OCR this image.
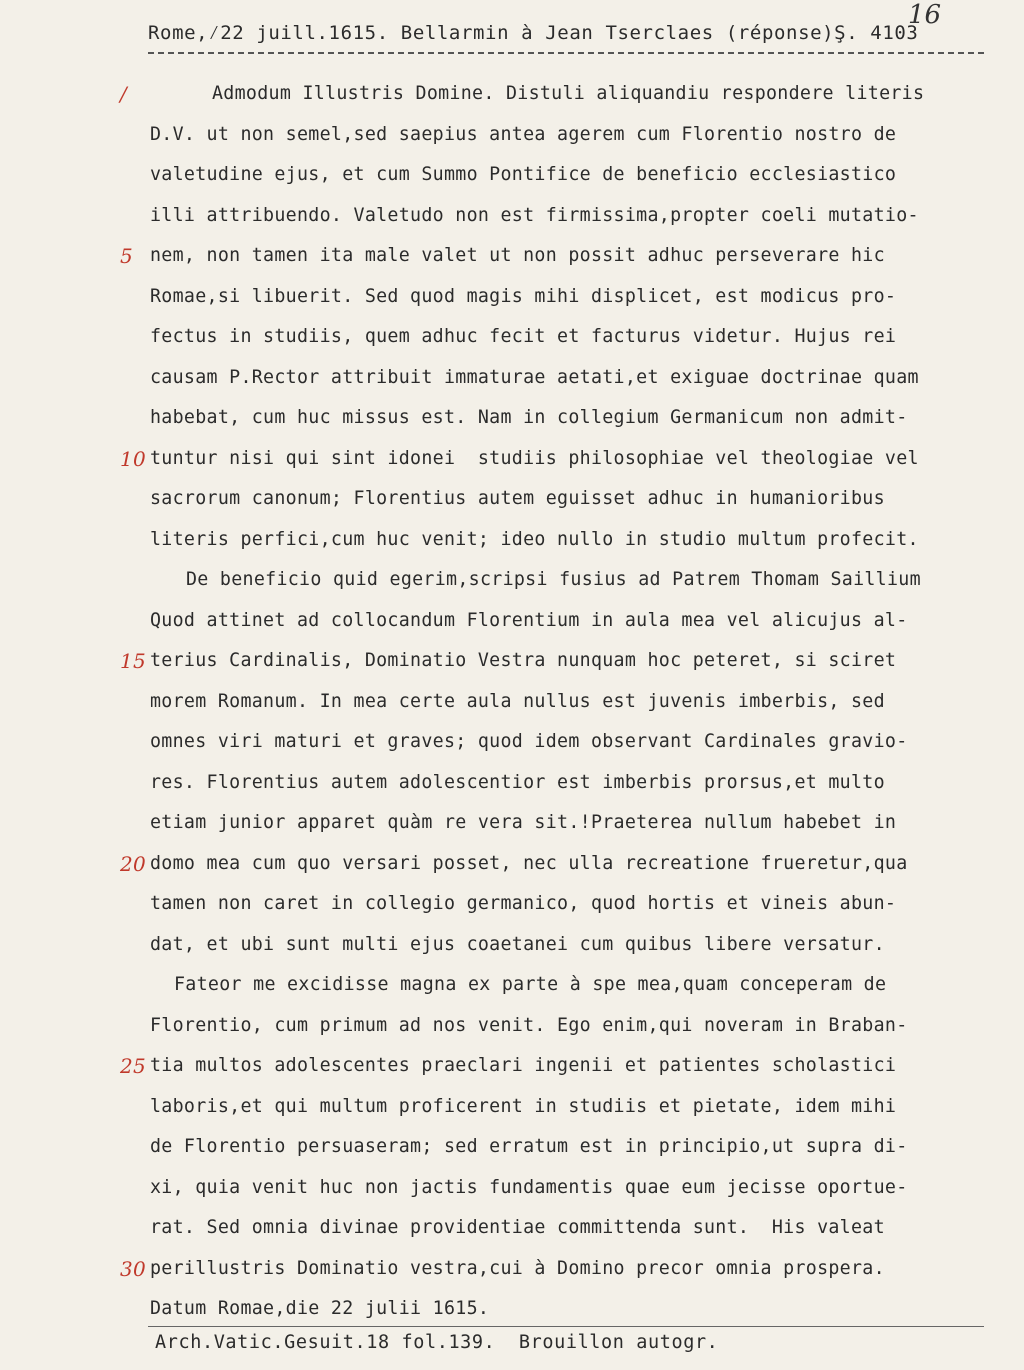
Rome,⁄22 juill.1615. Bellarmin à Jean Tserclaes (réponse)Ş. 4103
16
/	Admodum Illustris Domine. Distuli aliquandiu respondere literis
D.V. ut non semel,sed saepius antea agerem cum Florentio nostro de
valetudine ejus, et cum Summo Pontifice de beneficio ecclesiastico
illi attribuendo. Valetudo non est firmissima,propter coeli mutatio-
5 nem, non tamen ita male valet ut non possit adhuc perseverare hic
Romae,si libuerit. Sed quod magis mihi displicet, est modicus pro-
fectus in studiis, quem adhuc fecit et facturus videtur. Hujus rei
causam P.Rector attribuit immaturae aetati,et exiguae doctrinae quam
habebat, cum huc missus est. Nam in collegium Germanicum non admit-
10 tuntur nisi qui sint idonei  studiis philosophiae vel theologiae vel
sacrorum canonum; Florentius autem eguisset adhuc in humanioribus
literis perfici,cum huc venit; ideo nullo in studio multum profecit.
De beneficio quid egerim,scripsi fusius ad Patrem Thomam Saillium
Quod attinet ad collocandum Florentium in aula mea vel alicujus al-
15 terius Cardinalis, Dominatio Vestra nunquam hoc peteret, si sciret
morem Romanum. In mea certe aula nullus est juvenis imberbis, sed
omnes viri maturi et graves; quod idem observant Cardinales gravio-
res. Florentius autem adolescentior est imberbis prorsus,et multo
etiam junior apparet quàm re vera sit.!Praeterea nullum habebet in
20 domo mea cum quo versari posset, nec ulla recreatione frueretur,qua
tamen non caret in collegio germanico, quod hortis et vineis abun-
dat, et ubi sunt multi ejus coaetanei cum quibus libere versatur.
Fateor me excidisse magna ex parte à spe mea,quam conceperam de
Florentio, cum primum ad nos venit. Ego enim,qui noveram in Braban-
25 tia multos adolescentes praeclari ingenii et patientes scholastici
laboris,et qui multum proficerent in studiis et pietate, idem mihi
de Florentio persuaseram; sed erratum est in principio,ut supra di-
xi, quia venit huc non jactis fundamentis quae eum jecisse oportue-
rat. Sed omnia divinae providentiae committenda sunt.  His valeat
30 perillustris Dominatio vestra,cui à Domino precor omnia prospera.
Datum Romae,die 22 julii 1615.
Arch.Vatic.Gesuit.18 fol.139.  Brouillon autogr.
